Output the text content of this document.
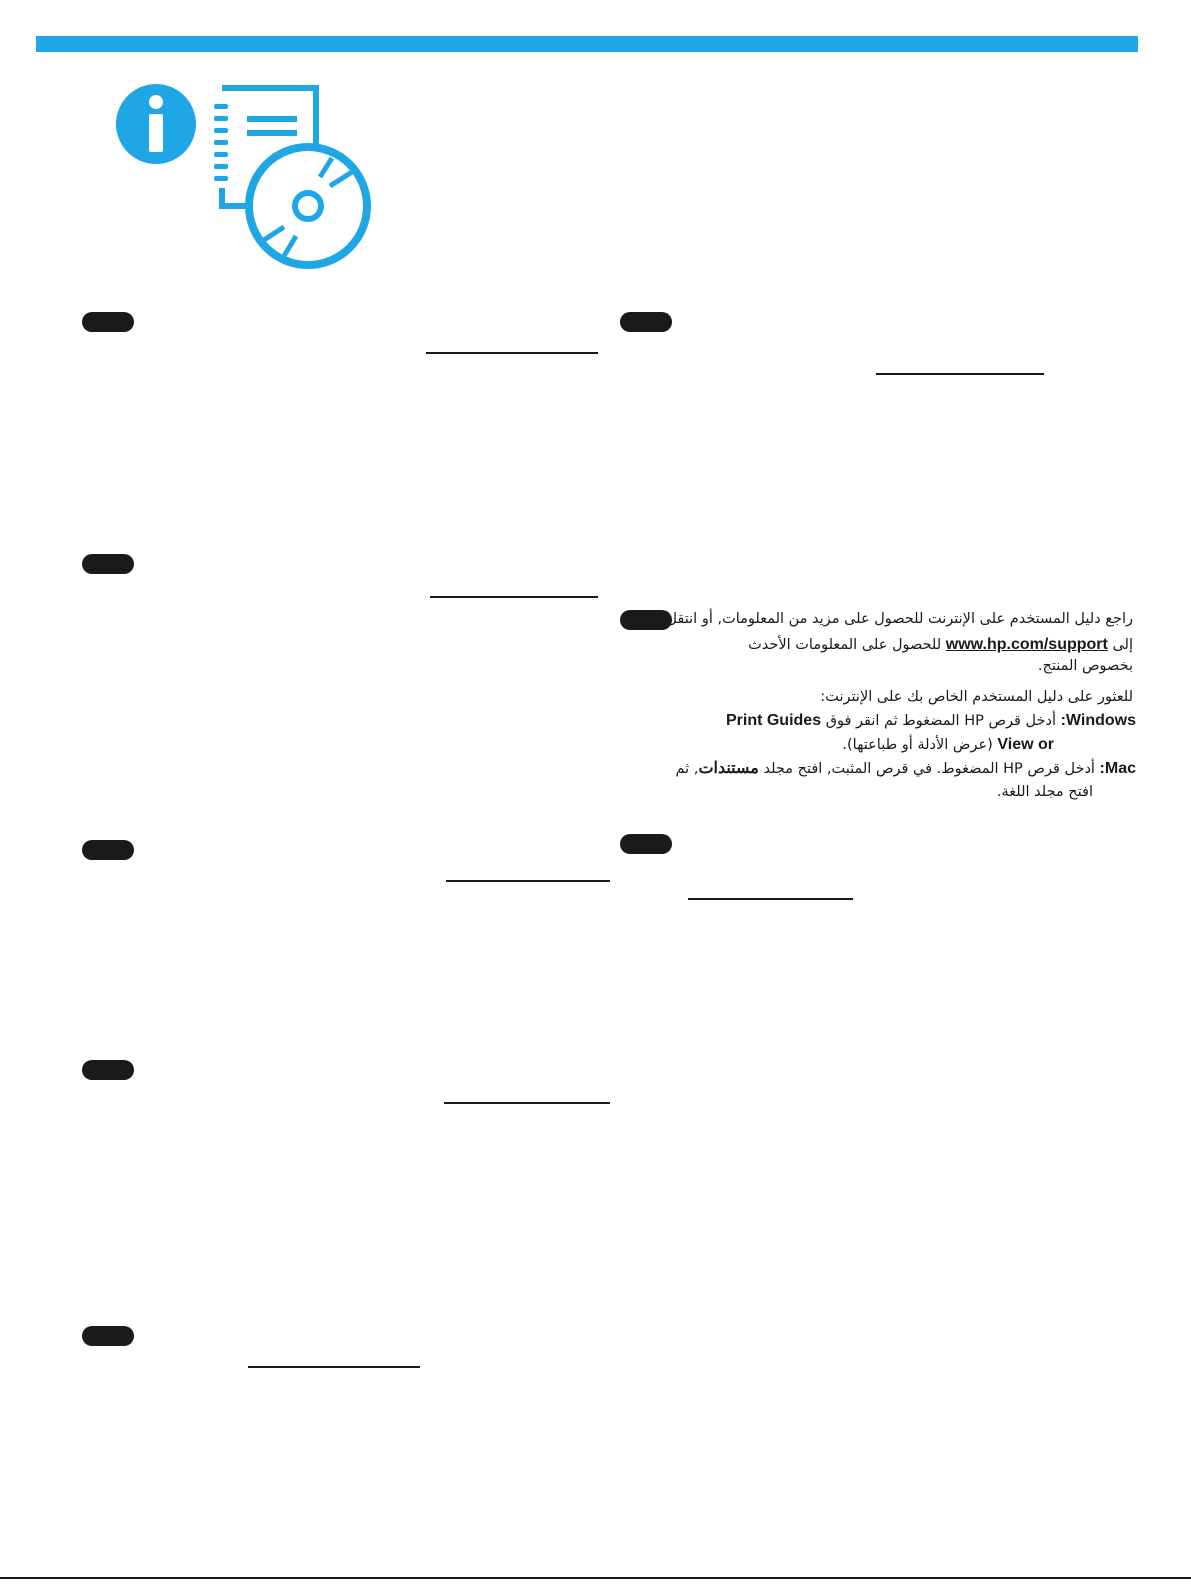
راجع دليل المستخدم على الإنترنت للحصول على مزيد من المعلومات, أو انتقل
إلى www.hp.com/support للحصول على المعلومات الأحدث
بخصوص المنتج.
للعثور على دليل المستخدم الخاص بك على الإنترنت:
Windows: أدخل قرص HP المضغوط ثم انقر فوق Print Guides
View or (عرض الأدلة أو طباعتها).
Mac: أدخل قرص HP المضغوط. في قرص المثبت, افتح مجلد مستندات, ثم
افتح مجلد اللغة.
